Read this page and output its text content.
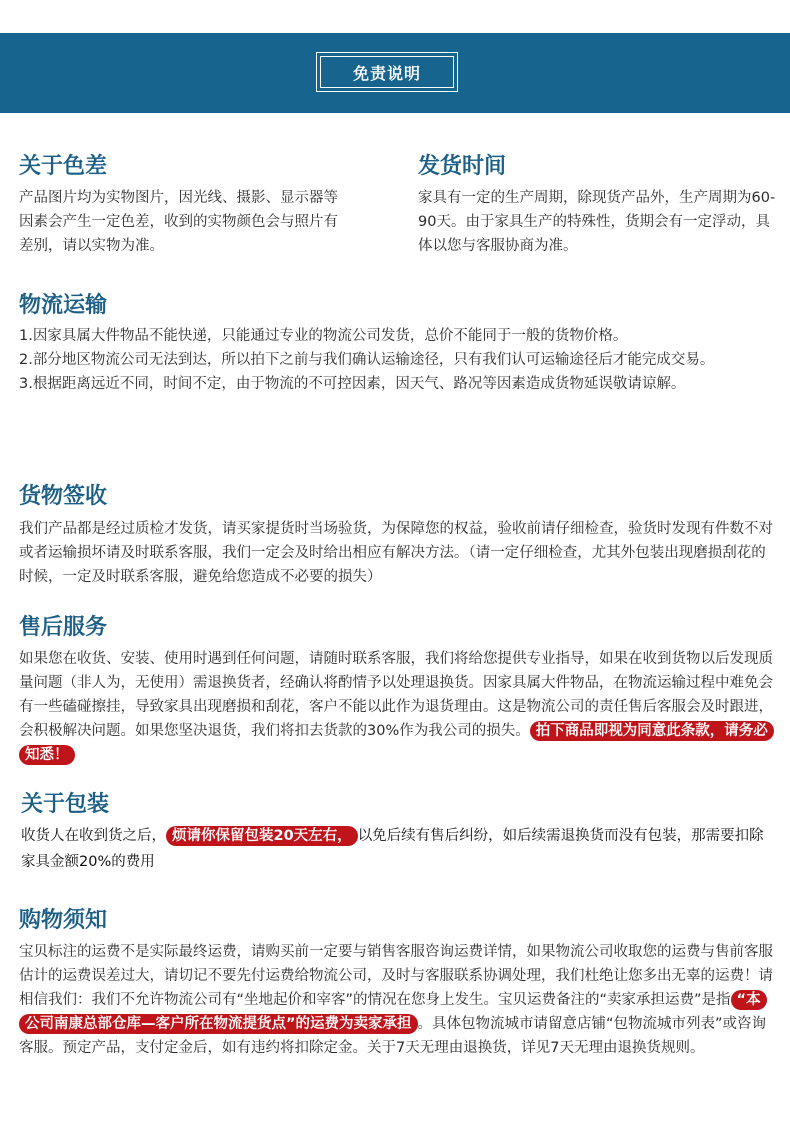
免责说明
关于色差

产品图片均为实物图片，因光线、摄影、显示器等因素会产生一定色差，收到的实物颜色会与照片有差别，请以实物为准。

发货时间

家具有一定的生产周期，除现货产品外，生产周期为60-90天。由于家具生产的特殊性，货期会有一定浮动，具体以您与客服协商为准。

物流运输
1.因家具属大件物品不能快递，只能通过专业的物流公司发货，总价不能同于一般的货物价格。
2.部分地区物流公司无法到达，所以拍下之前与我们确认运输途径，只有我们认可运输途径后才能完成交易。
3.根据距离远近不同，时间不定，由于物流的不可控因素，因天气、路况等因素造成货物延误敬请谅解。
货物签收

我们产品都是经过质检才发货，请买家提货时当场验货，为保障您的权益，验收前请仔细检查，验货时发现有件数不对或者运输损坏请及时联系客服，我们一定会及时给出相应有解决方法。（请一定仔细检查，尤其外包装出现磨损刮花的时候，一定及时联系客服，避免给您造成不必要的损失）

售后服务

如果您在收货、安装、使用时遇到任何问题，请随时联系客服，我们将给您提供专业指导，如果在收到货物以后发现质量问题（非人为，无使用）需退换货者，经确认将酌情予以处理退换货。因家具属大件物品，在物流运输过程中难免会有一些磕碰擦挂，导致家具出现磨损和刮花，客户不能以此作为退货理由。这是物流公司的责任售后客服会及时跟进，会积极解决问题。如果您坚决退货，我们将扣去货款的30%作为我公司的损失。 拍下商品即视为同意此条款，请务必知悉！

关于包装

收货人在收到货之后， 烦请你保留包装20天左右， 以免后续有售后纠纷，如后续需退换货而没有包装，那需要扣除家具金额20%的费用

购物须知

宝贝标注的运费不是实际最终运费，请购买前一定要与销售客服咨询运费详情，如果物流公司收取您的运费与售前客服估计的运费误差过大，请切记不要先付运费给物流公司，及时与客服联系协调处理，我们杜绝让您多出无辜的运费！请相信我们：我们不允许物流公司有“坐地起价和宰客”的情况在您身上发生。宝贝运费备注的“卖家承担运费”是指 “本公司南康总部仓库—客户所在物流提货点”的运费为卖家承担 。具体包物流城市请留意店铺“包物流城市列表”或咨询客服。预定产品，支付定金后，如有违约将扣除定金。关于7天无理由退换货，详见7天无理由退换货规则。
